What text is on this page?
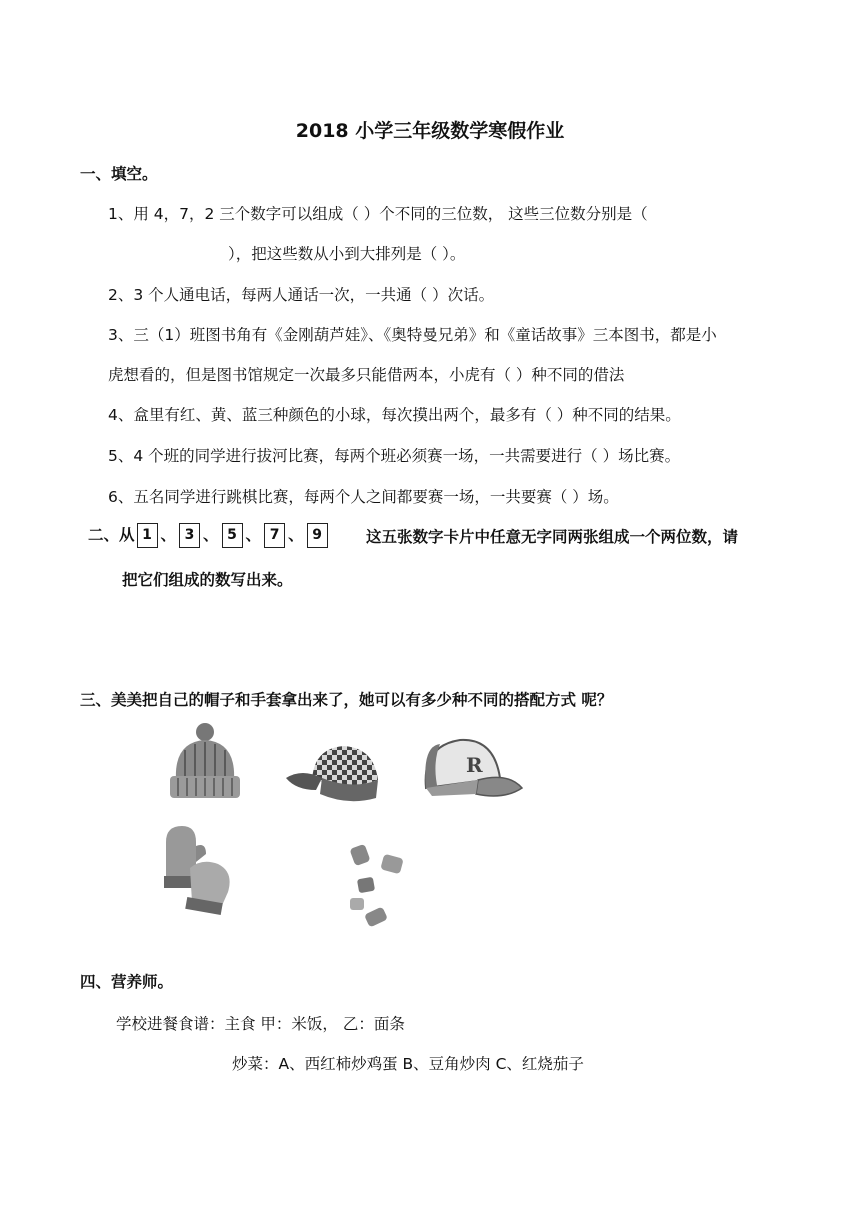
2018 小学三年级数学寒假作业
一、填空。
1、用 4，7，2 三个数字可以组成（ ）个不同的三位数， 这些三位数分别是（
），把这些数从小到大排列是（ ）。
2、3 个人通电话，每两人通话一次，一共通（ ）次话。
3、三（1）班图书角有《金刚葫芦娃》、《奥特曼兄弟》和《童话故事》三本图书，都是小
虎想看的，但是图书馆规定一次最多只能借两本，小虎有（ ）种不同的借法
4、盒里有红、黄、蓝三种颜色的小球，每次摸出两个，最多有（ ）种不同的结果。
5、4 个班的同学进行拔河比赛，每两个班必须赛一场，一共需要进行（ ）场比赛。
6、五名同学进行跳棋比赛，每两个人之间都要赛一场，一共要赛（ ）场。
二、从 1 、 3 、 5 、 7 、 9	这五张数字卡片中任意无字同两张组成一个两位数，请
把它们组成的数写出来。
三、美美把自己的帽子和手套拿出来了，她可以有多少种不同的搭配方式 呢？
R
四、营养师。
学校进餐食谱：主食 甲：米饭， 乙：面条
炒菜：A、西红柿炒鸡蛋 B、豆角炒肉 C、红烧茄子
